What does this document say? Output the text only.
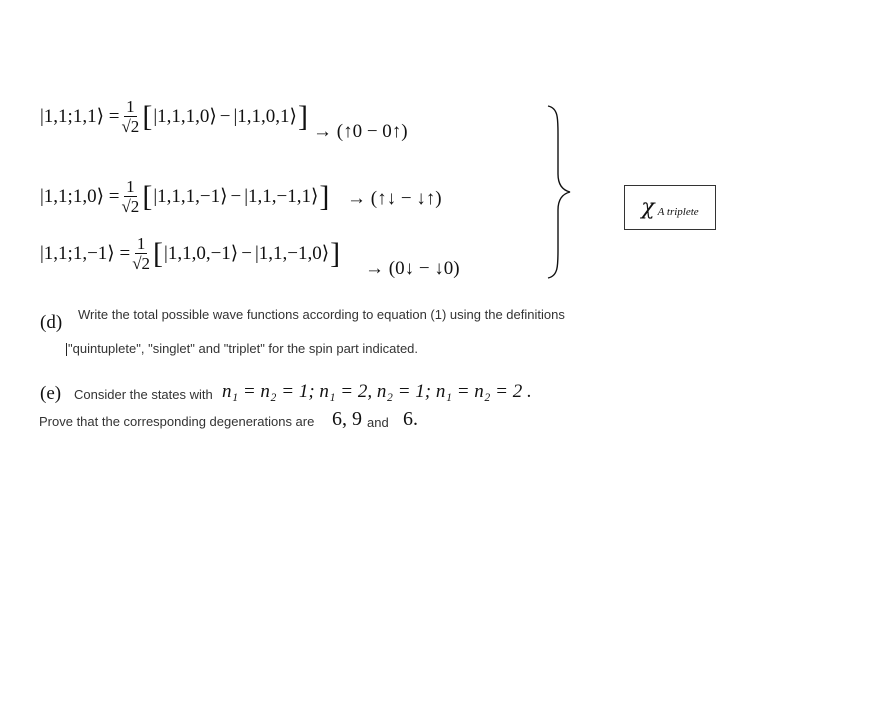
|1,1;1,1⟩ = $\frac{1}{√2}$ [ |1,1,1,0⟩ − |1,1,0,1⟩ ] → (↑0 − 0↑)
|1,1;1,0⟩ = $\frac{1}{√2}$ [ |1,1,1,−1⟩ − |1,1,−1,1⟩ ] → (↑↓ − ↓↑)
|1,1;1,−1⟩ = $\frac{1}{√2}$ [ |1,1,0,−1⟩ − |1,1,−1,0⟩ ] → (0↓ − ↓0)
χ A triplete
(d) Write the total possible wave functions according to equation (1) using the definitions
"quintuplete", "singlet" and "triplet" for the spin part indicated.
(e) Consider the states with n₁ = n₂ = 1; n₁ = 2, n₂ = 1; n₁ = n₂ = 2 .
Prove that the corresponding degenerations are 6, 9 and 6.
